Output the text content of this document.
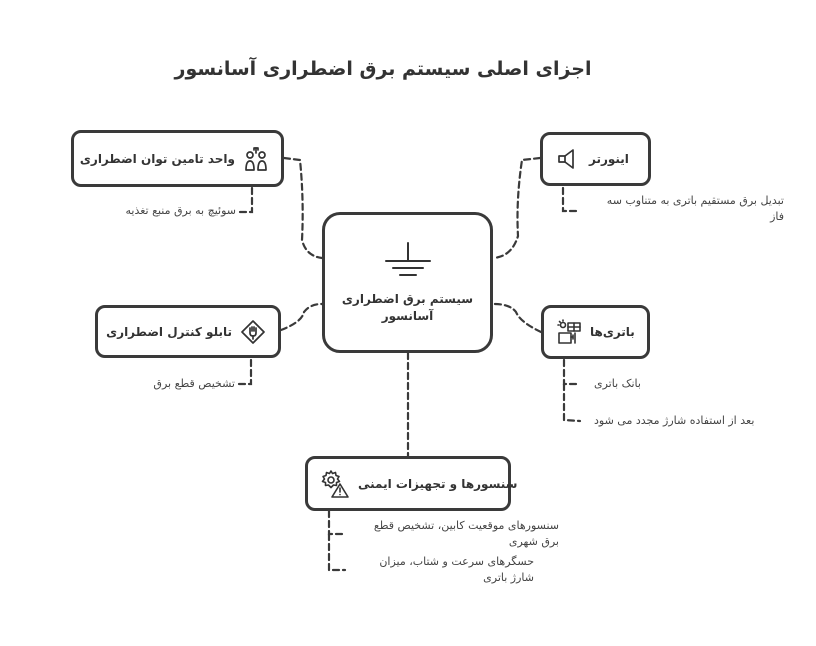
اجزای اصلی سیستم برق اضطراری آسانسور
سیستم برق اضطراری آسانسور
واحد تامین توان اضطراری
سوئیچ به برق منبع تغذیه
تابلو کنترل اضطراری
تشخیص قطع برق
اینورتر
تبدیل برق مستقیم باتری به متناوب سه فاز
باتری‌ها
بانک باتری
بعد از استفاده شارژ مجدد می شود
سنسورها و تجهیزات ایمنی
سنسورهای موقعیت کابین، تشخیص قطع برق شهری
حسگرهای سرعت و شتاب، میزان شارژ باتری
